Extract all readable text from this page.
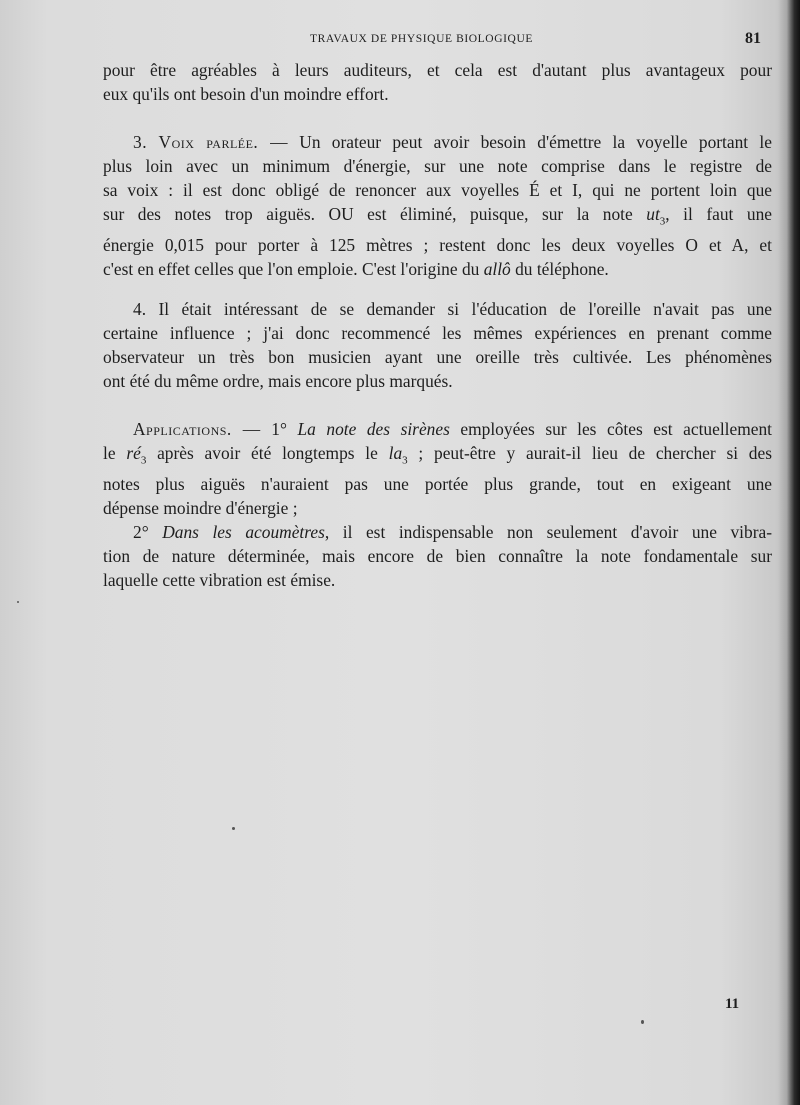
TRAVAUX DE PHYSIQUE BIOLOGIQUE	81
pour être agréables à leurs auditeurs, et cela est d'autant plus avantageux pour
eux qu'ils ont besoin d'un moindre effort.
3. Voix parlée. — Un orateur peut avoir besoin d'émettre la voyelle portant le
plus loin avec un minimum d'énergie, sur une note comprise dans le registre de
sa voix : il est donc obligé de renoncer aux voyelles É et I, qui ne portent loin que
sur des notes trop aiguës. OU est éliminé, puisque, sur la note $ut_3$, il faut une
énergie 0,015 pour porter à 125 mètres ; restent donc les deux voyelles O et A, et
c'est en effet celles que l'on emploie. C'est l'origine du allô du téléphone.
4. Il était intéressant de se demander si l'éducation de l'oreille n'avait pas une
certaine influence ; j'ai donc recommencé les mêmes expériences en prenant comme
observateur un très bon musicien ayant une oreille très cultivée. Les phénomènes
ont été du même ordre, mais encore plus marqués.
Applications. — 1° La note des sirènes employées sur les côtes est actuellement
le $ré_3$ après avoir été longtemps le $la_3$ ; peut-être y aurait-il lieu de chercher si des
notes plus aiguës n'auraient pas une portée plus grande, tout en exigeant une
dépense moindre d'énergie ;
2° Dans les acoumètres, il est indispensable non seulement d'avoir une vibra-
tion de nature déterminée, mais encore de bien connaître la note fondamentale sur
laquelle cette vibration est émise.
11
